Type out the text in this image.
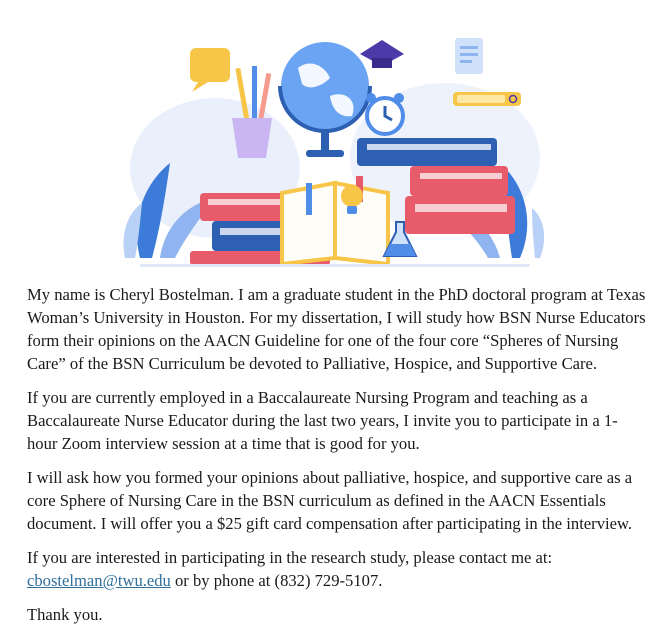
My name is Cheryl Bostelman. I am a graduate student in the PhD doctoral program at Texas Woman’s University in Houston. For my dissertation, I will study how BSN Nurse Educators form their opinions on the AACN Guideline for one of the four core “Spheres of Nursing Care” of the BSN Curriculum be devoted to Palliative, Hospice, and Supportive Care.

If you are currently employed in a Baccalaureate Nursing Program and teaching as a Baccalaureate Nurse Educator during the last two years, I invite you to participate in a 1-hour Zoom interview session at a time that is good for you.

I will ask how you formed your opinions about palliative, hospice, and supportive care as a core Sphere of Nursing Care in the BSN curriculum as defined in the AACN Essentials document. I will offer you a $25 gift card compensation after participating in the interview.

If you are interested in participating in the research study, please contact me at:
cbostelman@twu.edu or by phone at (832) 729-5107.

Thank you.
